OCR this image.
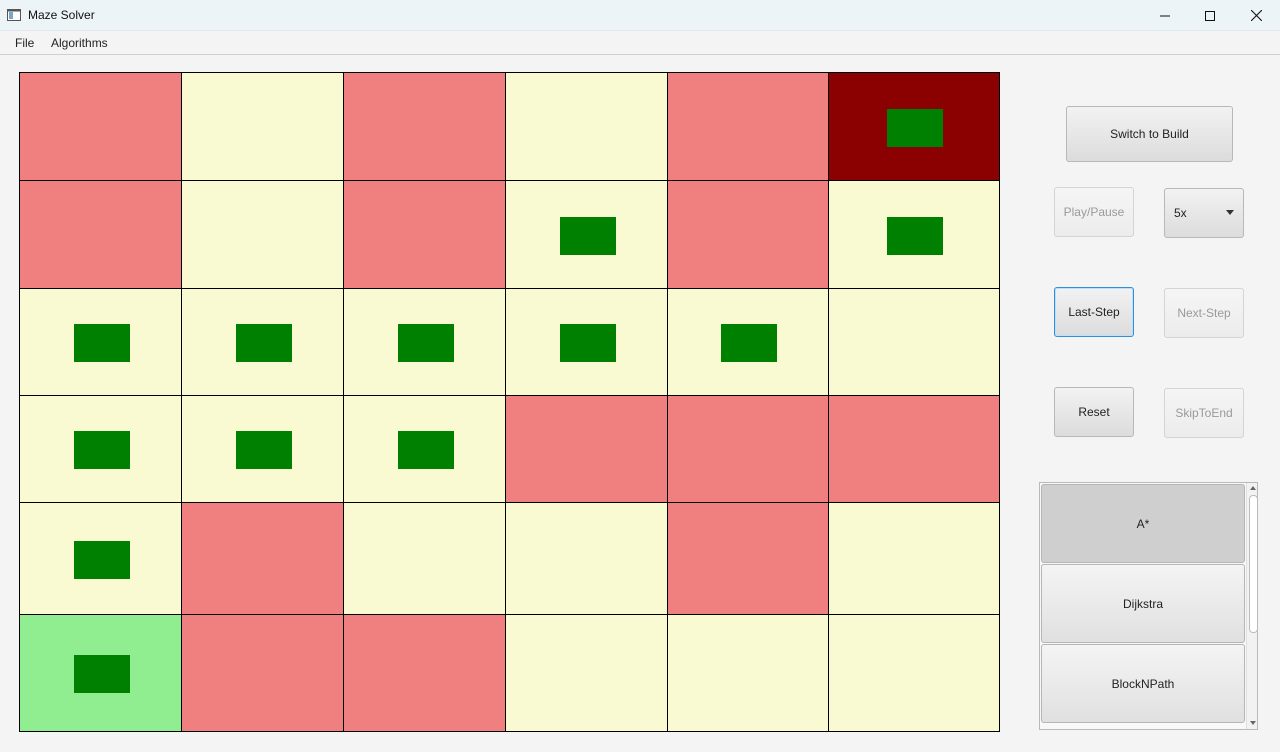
Maze Solver
File Algorithms
Switch to Build
Play/Pause	5x
Last-Step	Next-Step
Reset	SkipToEnd
A*
Dijkstra
BlockNPath
